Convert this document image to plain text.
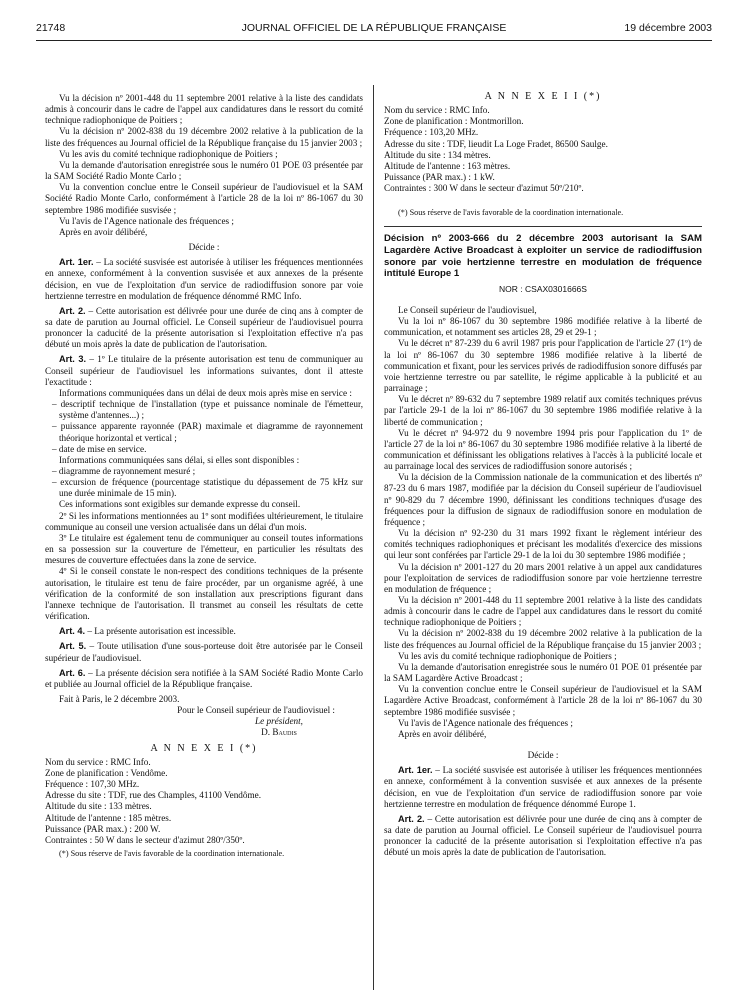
21748	JOURNAL OFFICIEL DE LA RÉPUBLIQUE FRANÇAISE	19 décembre 2003

Vu la décision nº 2001-448 du 11 septembre 2001 relative à la liste des candidats admis à concourir dans le cadre de l'appel aux candidatures dans le ressort du comité technique radiophonique de Poitiers ;

Vu la décision nº 2002-838 du 19 décembre 2002 relative à la publication de la liste des fréquences au Journal officiel de la République française du 15 janvier 2003 ;

Vu les avis du comité technique radiophonique de Poitiers ;

Vu la demande d'autorisation enregistrée sous le numéro 01 POE 03 présentée par la SAM Société Radio Monte Carlo ;

Vu la convention conclue entre le Conseil supérieur de l'audiovisuel et la SAM Société Radio Monte Carlo, conformément à l'article 28 de la loi nº 86-1067 du 30 septembre 1986 modifiée susvisée ;

Vu l'avis de l'Agence nationale des fréquences ;

Après en avoir délibéré,

Décide :

Art. 1er. – La société susvisée est autorisée à utiliser les fréquences mentionnées en annexe, conformément à la convention susvisée et aux annexes de la présente décision, en vue de l'exploitation d'un service de radiodiffusion sonore par voie hertzienne terrestre en modulation de fréquence dénommé RMC Info.

Art. 2. – Cette autorisation est délivrée pour une durée de cinq ans à compter de sa date de parution au Journal officiel. Le Conseil supérieur de l'audiovisuel pourra prononcer la caducité de la présente autorisation si l'exploitation effective n'a pas débuté un mois après la date de publication de l'autorisation.

Art. 3. – 1º Le titulaire de la présente autorisation est tenu de communiquer au Conseil supérieur de l'audiovisuel les informations suivantes, dont il atteste l'exactitude :

Informations communiquées dans un délai de deux mois après mise en service :

– descriptif technique de l'installation (type et puissance nominale de l'émetteur, système d'antennes...) ;

– puissance apparente rayonnée (PAR) maximale et diagramme de rayonnement théorique horizontal et vertical ;

– date de mise en service.

Informations communiquées sans délai, si elles sont disponibles :

– diagramme de rayonnement mesuré ;

– excursion de fréquence (pourcentage statistique du dépassement de 75 kHz sur une durée minimale de 15 min).

Ces informations sont exigibles sur demande expresse du conseil.

2º Si les informations mentionnées au 1º sont modifiées ultérieurement, le titulaire communique au conseil une version actualisée dans un délai d'un mois.

3º Le titulaire est également tenu de communiquer au conseil toutes informations en sa possession sur la couverture de l'émetteur, en particulier les résultats des mesures de couverture effectuées dans la zone de service.

4º Si le conseil constate le non-respect des conditions techniques de la présente autorisation, le titulaire est tenu de faire procéder, par un organisme agréé, à une vérification de la conformité de son installation aux prescriptions figurant dans l'annexe technique de l'autorisation. Il transmet au conseil les résultats de cette vérification.

Art. 4. – La présente autorisation est incessible.

Art. 5. – Toute utilisation d'une sous-porteuse doit être autorisée par le Conseil supérieur de l'audiovisuel.

Art. 6. – La présente décision sera notifiée à la SAM Société Radio Monte Carlo et publiée au Journal officiel de la République française.

Fait à Paris, le 2 décembre 2003.

Pour le Conseil supérieur de l'audiovisuel :

Le président,

D. Baudis

A N N E X E I (*)

Nom du service : RMC Info.

Zone de planification : Vendôme.

Fréquence : 107,30 MHz.

Adresse du site : TDF, rue des Champles, 41100 Vendôme.

Altitude du site : 133 mètres.

Altitude de l'antenne : 185 mètres.

Puissance (PAR max.) : 200 W.

Contraintes : 50 W dans le secteur d'azimut 280º/350º.

(*) Sous réserve de l'avis favorable de la coordination internationale.

A N N E X E I I (*)

Nom du service : RMC Info.

Zone de planification : Montmorillon.

Fréquence : 103,20 MHz.

Adresse du site : TDF, lieudit La Loge Fradet, 86500 Saulge.

Altitude du site : 134 mètres.

Altitude de l'antenne : 163 mètres.

Puissance (PAR max.) : 1 kW.

Contraintes : 300 W dans le secteur d'azimut 50º/210º.

(*) Sous réserve de l'avis favorable de la coordination internationale.

Décision nº 2003-666 du 2 décembre 2003 autorisant la SAM Lagardère Active Broadcast à exploiter un service de radiodiffusion sonore par voie hertzienne terrestre en modulation de fréquence intitulé Europe 1

NOR : CSAX0301666S

Le Conseil supérieur de l'audiovisuel,

Vu la loi nº 86-1067 du 30 septembre 1986 modifiée relative à la liberté de communication, et notamment ses articles 28, 29 et 29-1 ;

Vu le décret nº 87-239 du 6 avril 1987 pris pour l'application de l'article 27 (1º) de la loi nº 86-1067 du 30 septembre 1986 modifiée relative à la liberté de communication et fixant, pour les services privés de radiodiffusion sonore diffusés par voie hertzienne terrestre ou par satellite, le régime applicable à la publicité et au parrainage ;

Vu le décret nº 89-632 du 7 septembre 1989 relatif aux comités techniques prévus par l'article 29-1 de la loi nº 86-1067 du 30 septembre 1986 modifiée relative à la liberté de communication ;

Vu le décret nº 94-972 du 9 novembre 1994 pris pour l'application du 1º de l'article 27 de la loi nº 86-1067 du 30 septembre 1986 modifiée relative à la liberté de communication et définissant les obligations relatives à l'accès à la publicité locale et au parrainage local des services de radiodiffusion sonore autorisés ;

Vu la décision de la Commission nationale de la communication et des libertés nº 87-23 du 6 mars 1987, modifiée par la décision du Conseil supérieur de l'audiovisuel nº 90-829 du 7 décembre 1990, définissant les conditions techniques d'usage des fréquences pour la diffusion de signaux de radiodiffusion sonore en modulation de fréquence ;

Vu la décision nº 92-230 du 31 mars 1992 fixant le règlement intérieur des comités techniques radiophoniques et précisant les modalités d'exercice des missions qui leur sont conférées par l'article 29-1 de la loi du 30 septembre 1986 modifiée ;

Vu la décision nº 2001-127 du 20 mars 2001 relative à un appel aux candidatures pour l'exploitation de services de radiodiffusion sonore par voie hertzienne terrestre en modulation de fréquence ;

Vu la décision nº 2001-448 du 11 septembre 2001 relative à la liste des candidats admis à concourir dans le cadre de l'appel aux candidatures dans le ressort du comité technique radiophonique de Poitiers ;

Vu la décision nº 2002-838 du 19 décembre 2002 relative à la publication de la liste des fréquences au Journal officiel de la République française du 15 janvier 2003 ;

Vu les avis du comité technique radiophonique de Poitiers ;

Vu la demande d'autorisation enregistrée sous le numéro 01 POE 01 présentée par la SAM Lagardère Active Broadcast ;

Vu la convention conclue entre le Conseil supérieur de l'audiovisuel et la SAM Lagardère Active Broadcast, conformément à l'article 28 de la loi nº 86-1067 du 30 septembre 1986 modifiée susvisée ;

Vu l'avis de l'Agence nationale des fréquences ;

Après en avoir délibéré,

Décide :

Art. 1er. – La société susvisée est autorisée à utiliser les fréquences mentionnées en annexe, conformément à la convention susvisée et aux annexes de la présente décision, en vue de l'exploitation d'un service de radiodiffusion sonore par voie hertzienne terrestre en modulation de fréquence dénommé Europe 1.

Art. 2. – Cette autorisation est délivrée pour une durée de cinq ans à compter de sa date de parution au Journal officiel. Le Conseil supérieur de l'audiovisuel pourra prononcer la caducité de la présente autorisation si l'exploitation effective n'a pas débuté un mois après la date de publication de l'autorisation.
